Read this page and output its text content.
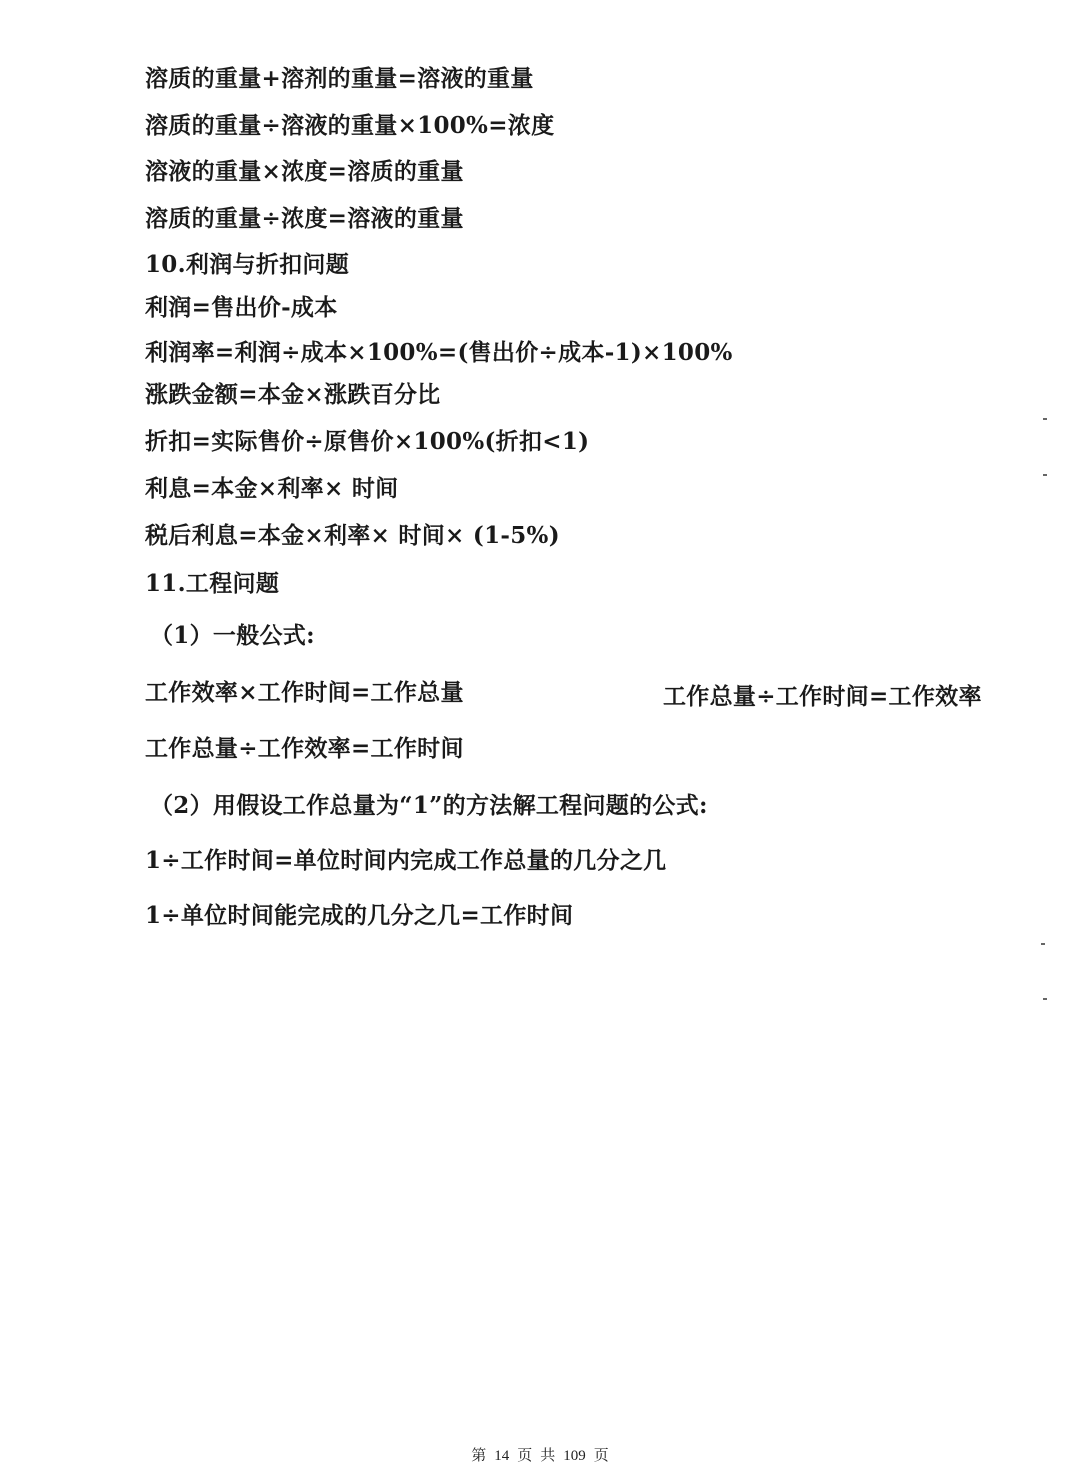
溶质的重量+溶剂的重量=溶液的重量
溶质的重量÷溶液的重量×100%=浓度
溶液的重量×浓度=溶质的重量
溶质的重量÷浓度=溶液的重量
10.利润与折扣问题
利润=售出价-成本
利润率=利润÷成本×100%=(售出价÷成本-1)×100%
涨跌金额=本金×涨跌百分比
折扣=实际售价÷原售价×100%(折扣<1)
利息=本金×利率× 时间
税后利息=本金×利率× 时间× (1-5%)
11.工程问题
（1）一般公式:
工作效率×工作时间=工作总量	工作总量÷工作时间=工作效率
工作总量÷工作效率=工作时间
（2）用假设工作总量为“1”的方法解工程问题的公式:
1÷工作时间=单位时间内完成工作总量的几分之几
1÷单位时间能完成的几分之几=工作时间
第 14 页 共 109 页
